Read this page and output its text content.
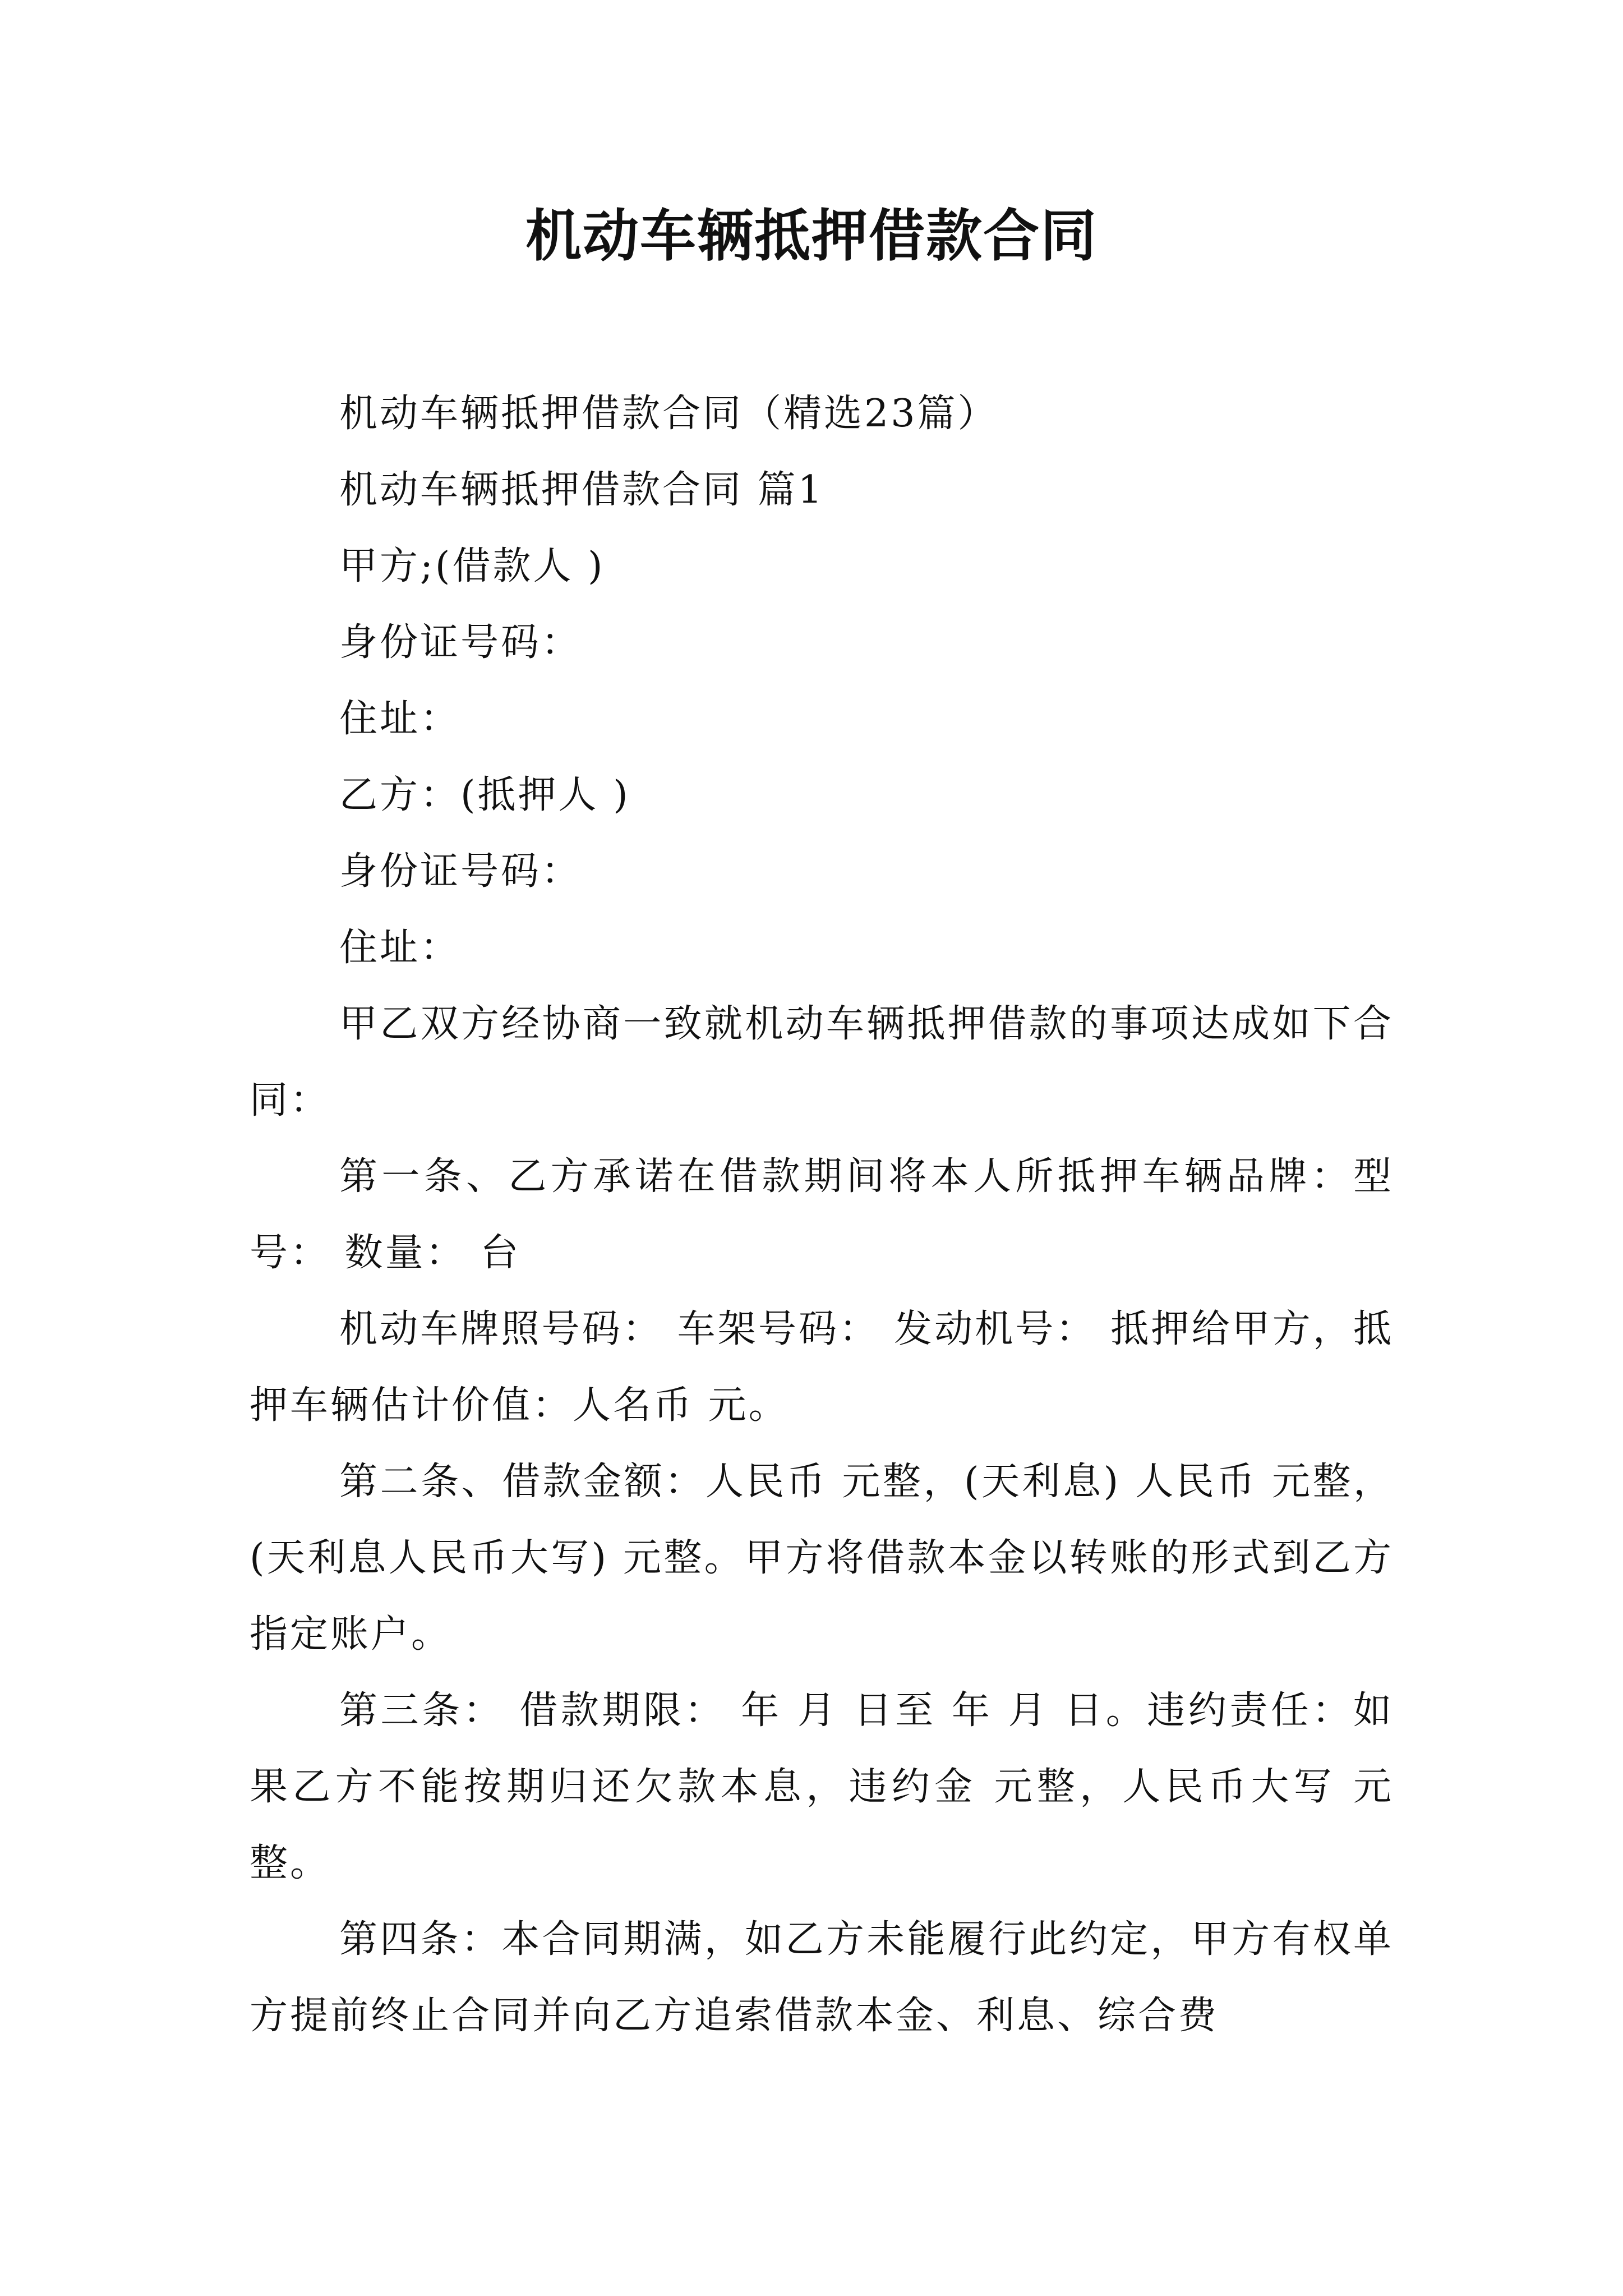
机动车辆抵押借款合同

机动车辆抵押借款合同（精选23篇）

机动车辆抵押借款合同 篇1

甲方;(借款人 )

身份证号码：

住址：

乙方：(抵押人 )

身份证号码：

住址：

甲乙双方经协商一致就机动车辆抵押借款的事项达成如下合同：

第一条、乙方承诺在借款期间将本人所抵押车辆品牌：型号： 数量： 台

机动车牌照号码： 车架号码： 发动机号： 抵押给甲方，抵押车辆估计价值：人名币 元。

第二条、借款金额：人民币 元整，(天利息) 人民币 元整，(天利息人民币大写) 元整。甲方将借款本金以转账的形式到乙方指定账户。

第三条： 借款期限： 年 月 日至 年 月 日。违约责任：如果乙方不能按期归还欠款本息，违约金 元整，人民币大写 元整。

第四条：本合同期满，如乙方未能履行此约定，甲方有权单方提前终止合同并向乙方追索借款本金、利息、综合费
